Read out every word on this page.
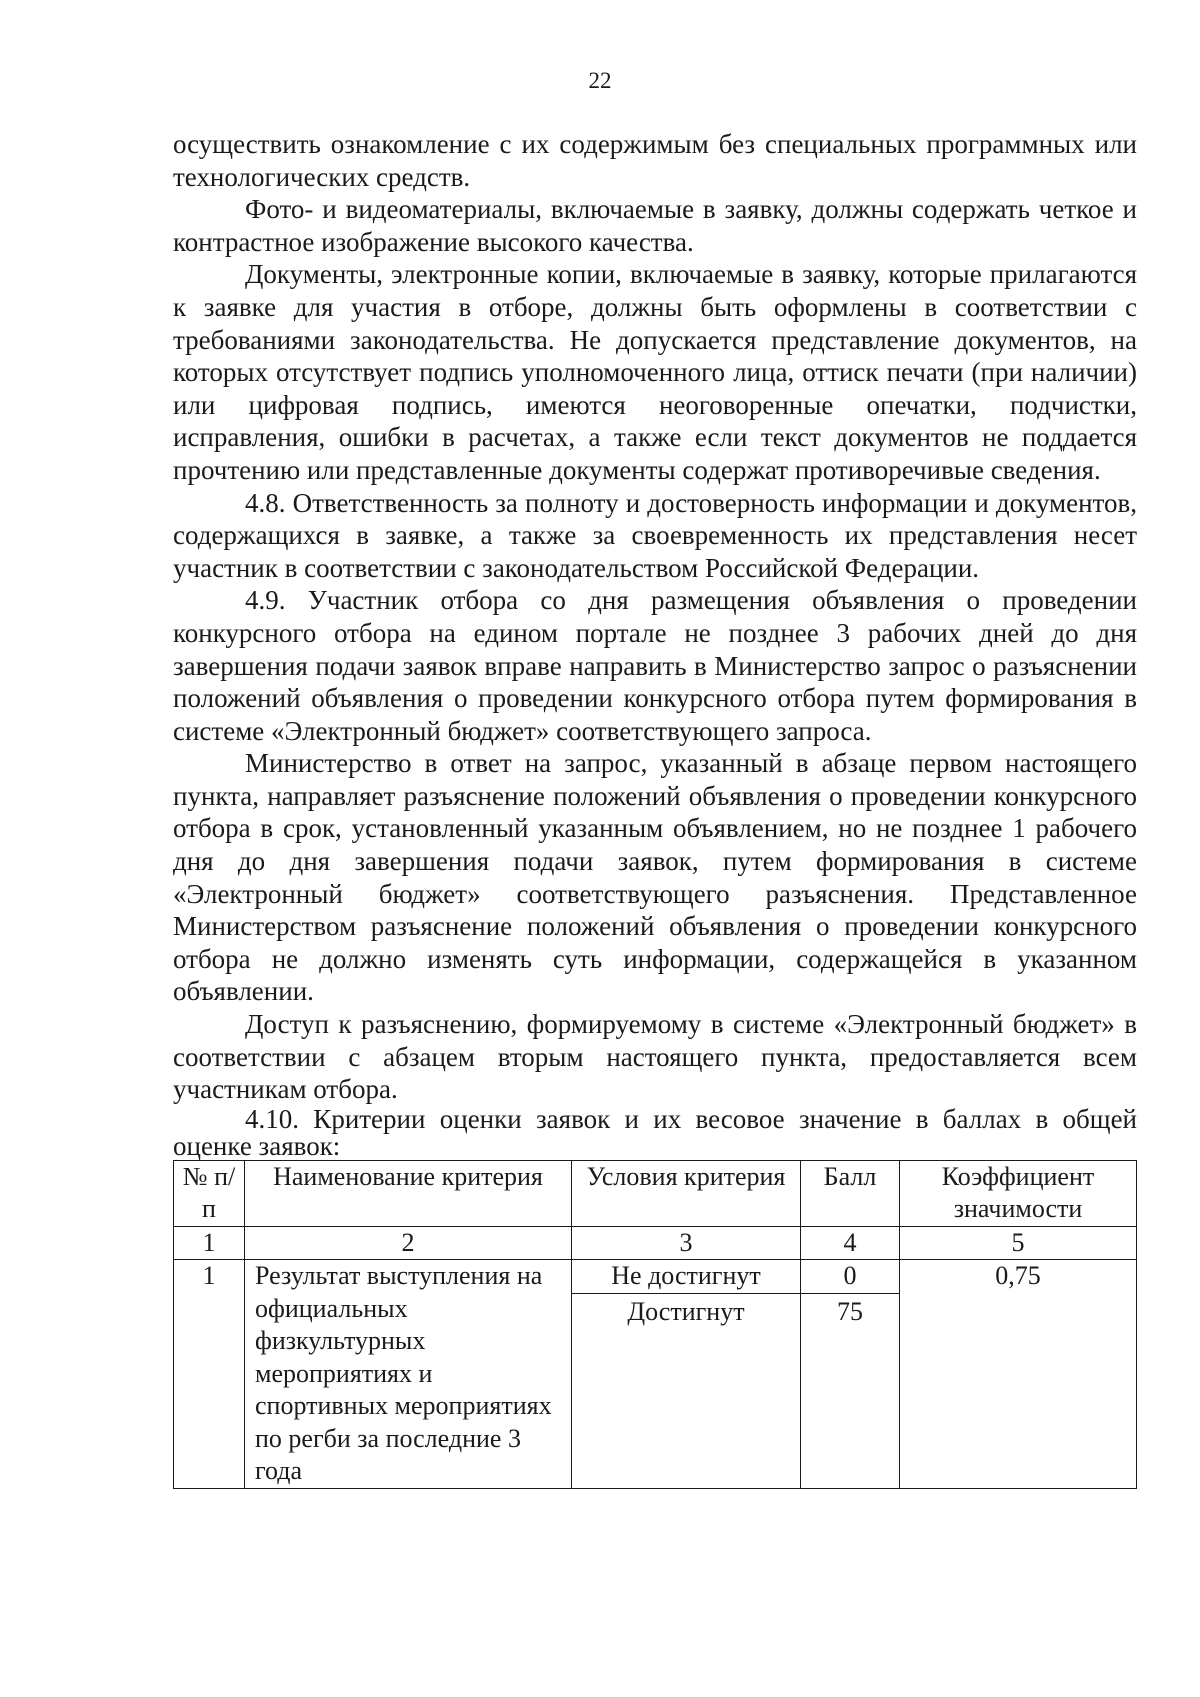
22

осуществить ознакомление с их содержимым без специальных программных или технологических средств.

Фото- и видеоматериалы, включаемые в заявку, должны содержать четкое и контрастное изображение высокого качества.

Документы, электронные копии, включаемые в заявку, которые прилагаются к заявке для участия в отборе, должны быть оформлены в соответствии с требованиями законодательства. Не допускается представление документов, на которых отсутствует подпись уполномоченного лица, оттиск печати (при наличии) или цифровая подпись, имеются неоговоренные опечатки, подчистки, исправления, ошибки в расчетах, а также если текст документов не поддается прочтению или представленные документы содержат противоречивые сведения.

4.8. Ответственность за полноту и достоверность информации и документов, содержащихся в заявке, а также за своевременность их представления несет участник в соответствии с законодательством Российской Федерации.

4.9. Участник отбора со дня размещения объявления о проведении конкурсного отбора на едином портале не позднее 3 рабочих дней до дня завершения подачи заявок вправе направить в Министерство запрос о разъяснении положений объявления о проведении конкурсного отбора путем формирования в системе «Электронный бюджет» соответствующего запроса.

Министерство в ответ на запрос, указанный в абзаце первом настоящего пункта, направляет разъяснение положений объявления о проведении конкурсного отбора в срок, установленный указанным объявлением, но не позднее 1 рабочего дня до дня завершения подачи заявок, путем формирования в системе «Электронный бюджет» соответствующего разъяснения. Представленное Министерством разъяснение положений объявления о проведении конкурсного отбора не должно изменять суть информации, содержащейся в указанном объявлении.

Доступ к разъяснению, формируемому в системе «Электронный бюджет» в соответствии с абзацем вторым настоящего пункта, предоставляется всем участникам отбора.

4.10. Критерии оценки заявок и их весовое значение в баллах в общей оценке заявок:

№ п/п	Наименование критерия	Условия критерия	Балл	Коэффициент значимости
1	2	3	4	5
1	Результат выступления на официальных физкультурных мероприятиях и спортивных мероприятиях по регби за последние 3 года	Не достигнут	0	0,75
		Достигнут	75	
